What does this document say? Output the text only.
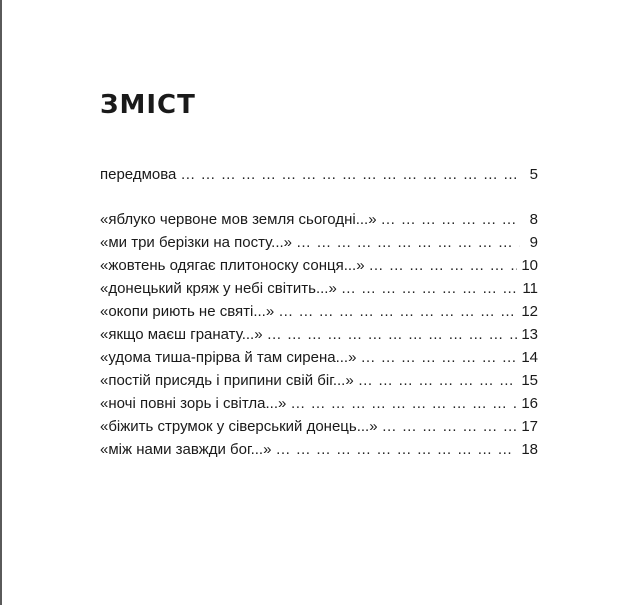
ЗМІСТ
передмова … … … … … … … … … … … … … … … … … … … … … … … … … … … … … … … … … … … … … … …	5
«яблуко червоне мов земля сьогодні...» … … … … … … … … … … … … … … … … … … … … … … … … … … … … … … … … … … … … … … …	8
«ми три берізки на посту...» … … … … … … … … … … … … … … … … … … … … … … … … … … … … … … … … … … … … … … …	9
«жовтень одягає плитоноску сонця...» … … … … … … … … … … … … … … … … … … … … … … … … … … … … … … … … … … … … … … …	10
«донецький кряж у небі світить...» … … … … … … … … … … … … … … … … … … … … … … … … … … … … … … … … … … … … … … …	11
«окопи риють не святі...» … … … … … … … … … … … … … … … … … … … … … … … … … … … … … … … … … … … … … … …	12
«якщо маєш гранату...» … … … … … … … … … … … … … … … … … … … … … … … … … … … … … … … … … … … … … … …	13
«удома тиша-прірва й там сирена...» … … … … … … … … … … … … … … … … … … … … … … … … … … … … … … … … … … … … … … …	14
«постій присядь і припини свій біг...» … … … … … … … … … … … … … … … … … … … … … … … … … … … … … … … … … … … … … … …	15
«ночі повні зорь і світла...» … … … … … … … … … … … … … … … … … … … … … … … … … … … … … … … … … … … … … … …	16
«біжить струмок у сіверський донець...» … … … … … … … … … … … … … … … … … … … … … … … … … … … … … … … … … … … … … … …	17
«між нами завжди бог...» … … … … … … … … … … … … … … … … … … … … … … … … … … … … … … … … … … … … … … …	18
